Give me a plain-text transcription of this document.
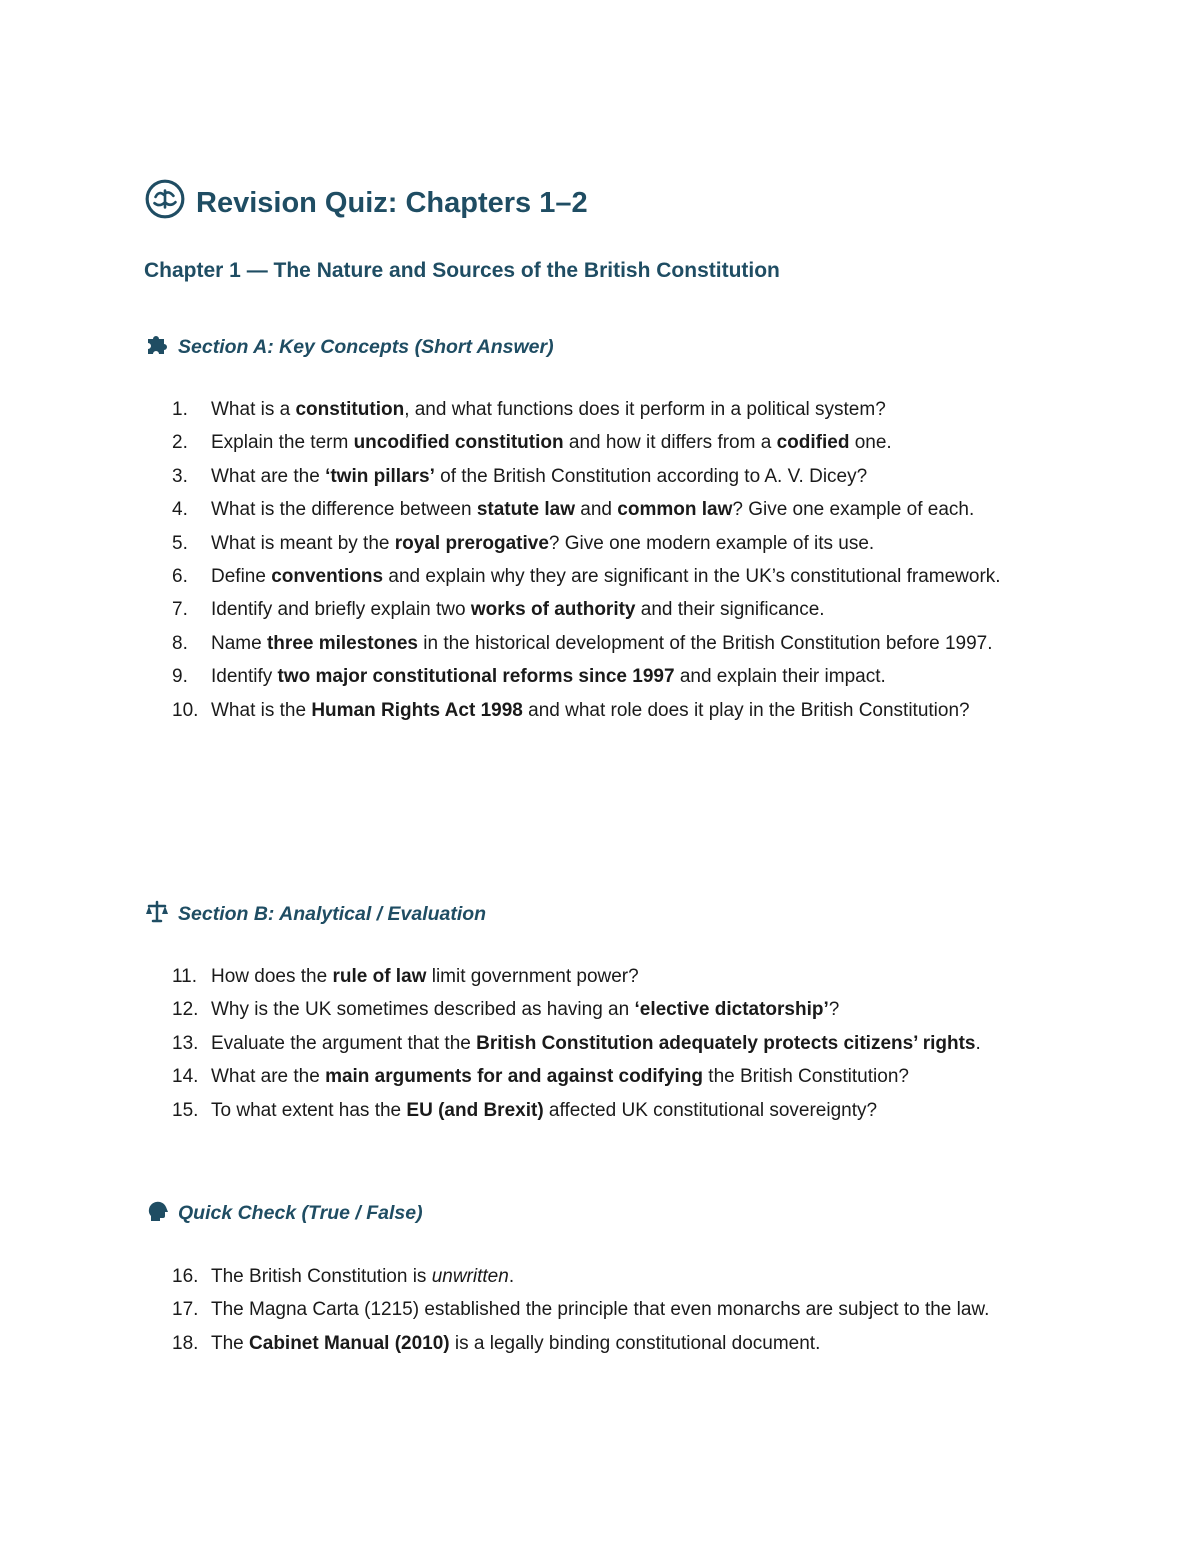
Revision Quiz: Chapters 1–2
Chapter 1 — The Nature and Sources of the British Constitution
Section A: Key Concepts (Short Answer)
1. What is a constitution, and what functions does it perform in a political system?
2. Explain the term uncodified constitution and how it differs from a codified one.
3. What are the ‘twin pillars’ of the British Constitution according to A. V. Dicey?
4. What is the difference between statute law and common law? Give one example of each.
5. What is meant by the royal prerogative? Give one modern example of its use.
6. Define conventions and explain why they are significant in the UK’s constitutional framework.
7. Identify and briefly explain two works of authority and their significance.
8. Name three milestones in the historical development of the British Constitution before 1997.
9. Identify two major constitutional reforms since 1997 and explain their impact.
10. What is the Human Rights Act 1998 and what role does it play in the British Constitution?
Section B: Analytical / Evaluation
11. How does the rule of law limit government power?
12. Why is the UK sometimes described as having an ‘elective dictatorship’?
13. Evaluate the argument that the British Constitution adequately protects citizens’ rights.
14. What are the main arguments for and against codifying the British Constitution?
15. To what extent has the EU (and Brexit) affected UK constitutional sovereignty?
Quick Check (True / False)
16. The British Constitution is unwritten.
17. The Magna Carta (1215) established the principle that even monarchs are subject to the law.
18. The Cabinet Manual (2010) is a legally binding constitutional document.
